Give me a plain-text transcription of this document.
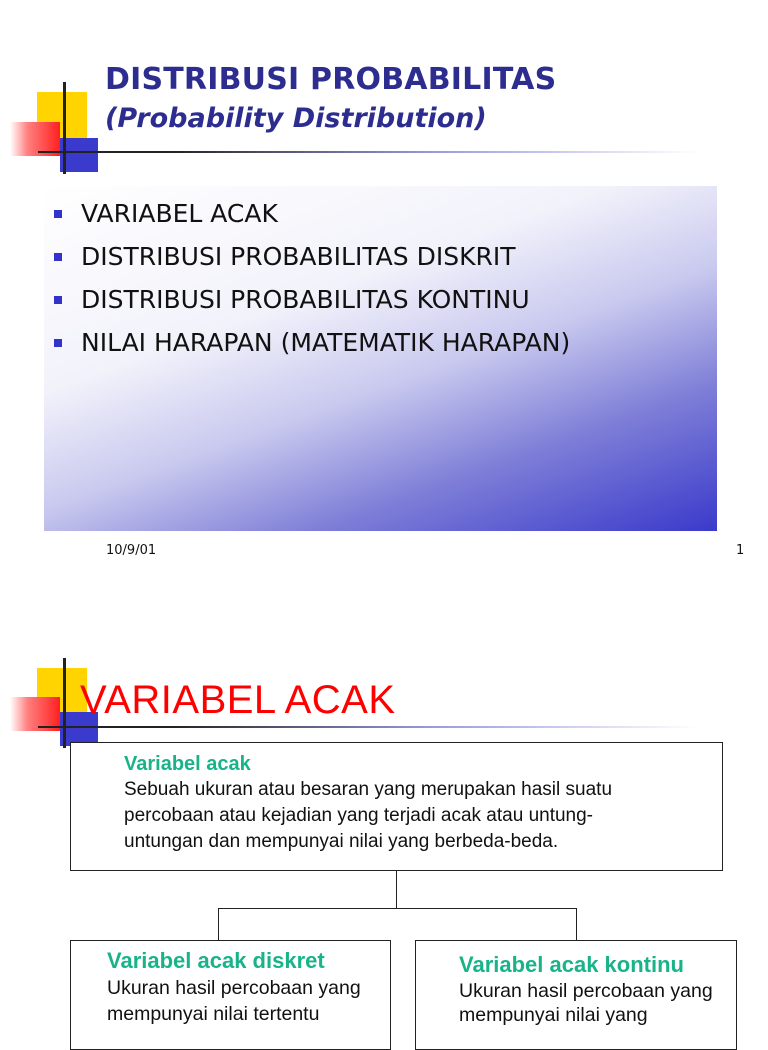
DISTRIBUSI PROBABILITAS
(Probability Distribution)
VARIABEL ACAK
DISTRIBUSI PROBABILITAS DISKRIT
DISTRIBUSI PROBABILITAS KONTINU
NILAI HARAPAN (MATEMATIK HARAPAN)
10/9/01	1
VARIABEL ACAK

Variabel acak

Sebuah ukuran atau besaran yang merupakan hasil suatu

percobaan atau kejadian yang terjadi acak atau untung-

untungan dan mempunyai nilai yang berbeda-beda.

Variabel acak diskret

Ukuran hasil percobaan yang

mempunyai nilai tertentu

Variabel acak kontinu

Ukuran hasil percobaan yang

mempunyai nilai yang
